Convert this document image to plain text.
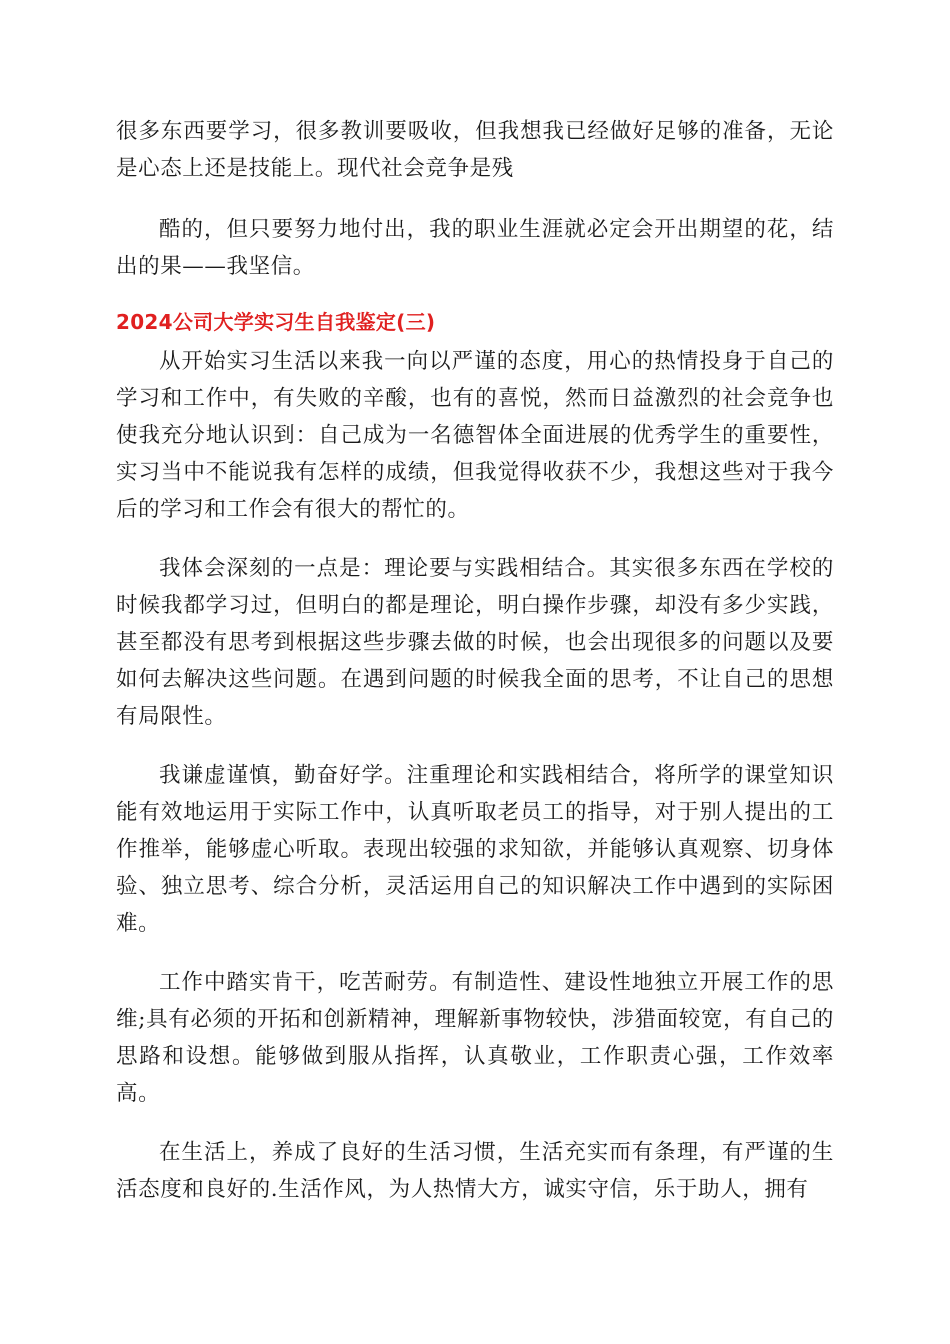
很多东西要学习，很多教训要吸收，但我想我已经做好足够的准备，无论是心态上还是技能上。现代社会竞争是残

酷的，但只要努力地付出，我的职业生涯就必定会开出期望的花，结出的果——我坚信。

2024公司大学实习生自我鉴定(三)

从开始实习生活以来我一向以严谨的态度，用心的热情投身于自己的学习和工作中，有失败的辛酸，也有的喜悦，然而日益激烈的社会竞争也使我充分地认识到：自己成为一名德智体全面进展的优秀学生的重要性，实习当中不能说我有怎样的成绩，但我觉得收获不少，我想这些对于我今后的学习和工作会有很大的帮忙的。

我体会深刻的一点是：理论要与实践相结合。其实很多东西在学校的时候我都学习过，但明白的都是理论，明白操作步骤，却没有多少实践，甚至都没有思考到根据这些步骤去做的时候，也会出现很多的问题以及要如何去解决这些问题。在遇到问题的时候我全面的思考，不让自己的思想有局限性。

我谦虚谨慎，勤奋好学。注重理论和实践相结合，将所学的课堂知识能有效地运用于实际工作中，认真听取老员工的指导，对于别人提出的工作推举，能够虚心听取。表现出较强的求知欲，并能够认真观察、切身体验、独立思考、综合分析，灵活运用自己的知识解决工作中遇到的实际困难。

工作中踏实肯干，吃苦耐劳。有制造性、建设性地独立开展工作的思维;具有必须的开拓和创新精神，理解新事物较快，涉猎面较宽，有自己的思路和设想。能够做到服从指挥，认真敬业，工作职责心强，工作效率高。

在生活上，养成了良好的生活习惯，生活充实而有条理，有严谨的生活态度和良好的.生活作风，为人热情大方，诚实守信，乐于助人，拥有
